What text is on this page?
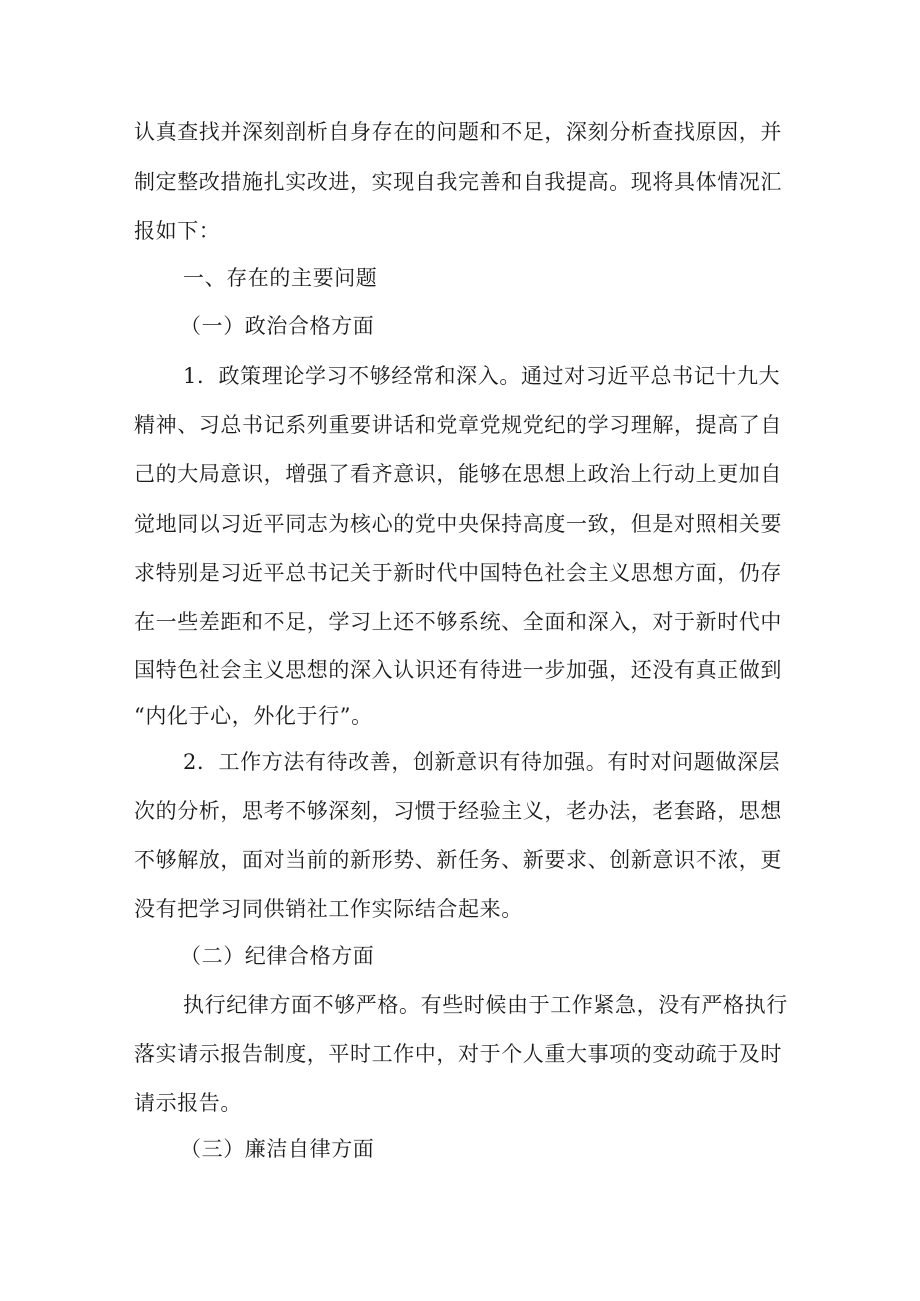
认真查找并深刻剖析自身存在的问题和不足，深刻分析查找原因，并
制定整改措施扎实改进，实现自我完善和自我提高。现将具体情况汇
报如下：
一、存在的主要问题
（一）政治合格方面
1．政策理论学习不够经常和深入。通过对习近平总书记十九大
精神、习总书记系列重要讲话和党章党规党纪的学习理解，提高了自
己的大局意识，增强了看齐意识，能够在思想上政治上行动上更加自
觉地同以习近平同志为核心的党中央保持高度一致，但是对照相关要
求特别是习近平总书记关于新时代中国特色社会主义思想方面，仍存
在一些差距和不足，学习上还不够系统、全面和深入，对于新时代中
国特色社会主义思想的深入认识还有待进一步加强，还没有真正做到
“内化于心，外化于行”。
2．工作方法有待改善，创新意识有待加强。有时对问题做深层
次的分析，思考不够深刻，习惯于经验主义，老办法，老套路，思想
不够解放，面对当前的新形势、新任务、新要求、创新意识不浓，更
没有把学习同供销社工作实际结合起来。
（二）纪律合格方面
执行纪律方面不够严格。有些时候由于工作紧急，没有严格执行
落实请示报告制度，平时工作中，对于个人重大事项的变动疏于及时
请示报告。
（三）廉洁自律方面
